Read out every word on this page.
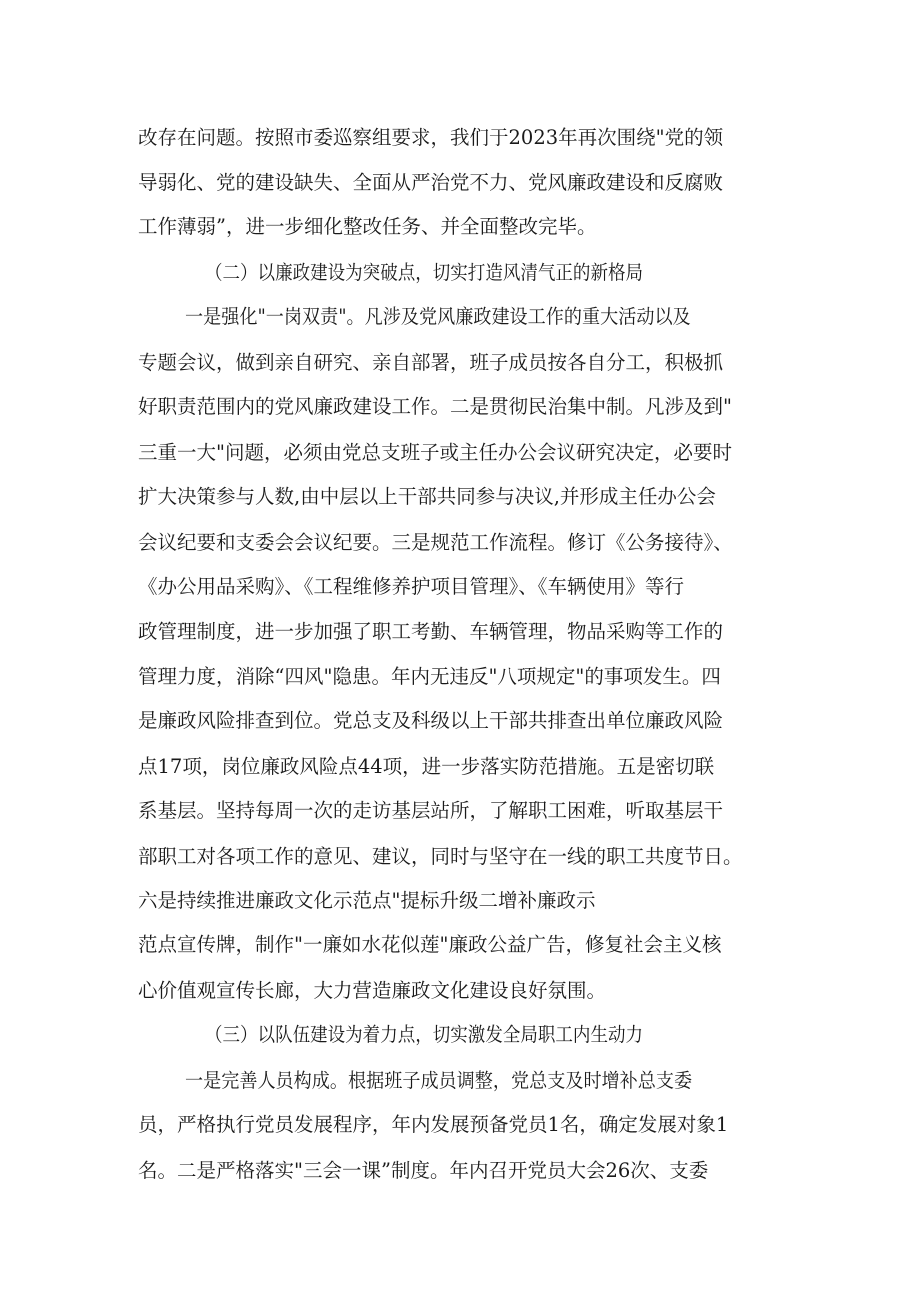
改存在问题。按照市委巡察组要求，我们于2023年再次围绕"党的领
导弱化、党的建设缺失、全面从严治党不力、党风廉政建设和反腐败
工作薄弱”，进一步细化整改任务、并全面整改完毕。
（二）以廉政建设为突破点，切实打造风清气正的新格局
一是强化"一岗双责"。凡涉及党风廉政建设工作的重大活动以及
专题会议，做到亲自研究、亲自部署，班子成员按各自分工，积极抓
好职责范围内的党风廉政建设工作。二是贯彻民治集中制。凡涉及到"
三重一大"问题，必须由党总支班子或主任办公会议研究决定，必要时
扩大决策参与人数,由中层以上干部共同参与决议,并形成主任办公会
会议纪要和支委会会议纪要。三是规范工作流程。修订《公务接待》、
《办公用品采购》、《工程维修养护项目管理》、《车辆使用》等行
政管理制度，进一步加强了职工考勤、车辆管理，物品采购等工作的
管理力度，消除“四风"隐患。年内无违反"八项规定"的事项发生。四
是廉政风险排查到位。党总支及科级以上干部共排查出单位廉政风险
点17项，岗位廉政风险点44项，进一步落实防范措施。五是密切联
系基层。坚持每周一次的走访基层站所，了解职工困难，听取基层干
部职工对各项工作的意见、建议，同时与坚守在一线的职工共度节日。
六是持续推进廉政文化示范点"提标升级二增补廉政示
范点宣传牌，制作"一廉如水花似莲"廉政公益广告，修复社会主义核
心价值观宣传长廊，大力营造廉政文化建设良好氛围。
（三）以队伍建设为着力点，切实激发全局职工内生动力
一是完善人员构成。根据班子成员调整，党总支及时增补总支委
员，严格执行党员发展程序，年内发展预备党员1名，确定发展对象1
名。二是严格落实"三会一课”制度。年内召开党员大会26次、支委
